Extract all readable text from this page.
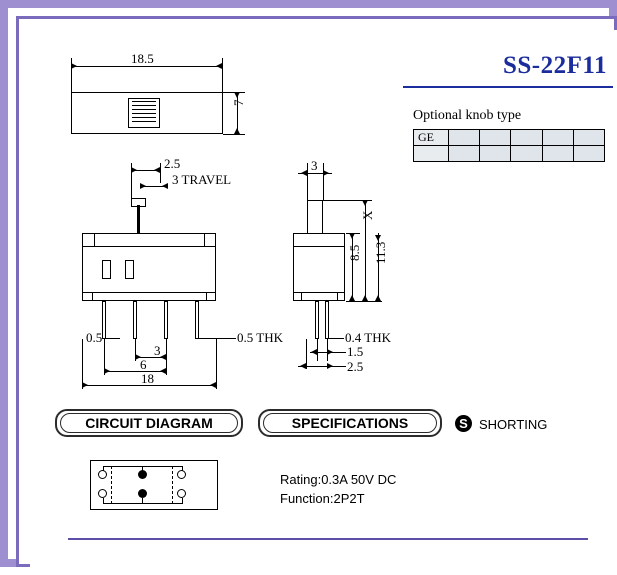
SS-22F11
Optional knob type
GE					

18.5
7
2.5
3 TRAVEL
0.5	0.5 THK
3
6
18
3
X
8.5 11.3
0.4 THK
1.5
2.5
CIRCUIT DIAGRAM	SPECIFICATIONS	S SHORTING
Rating:0.3A 50V DC
Function:2P2T
